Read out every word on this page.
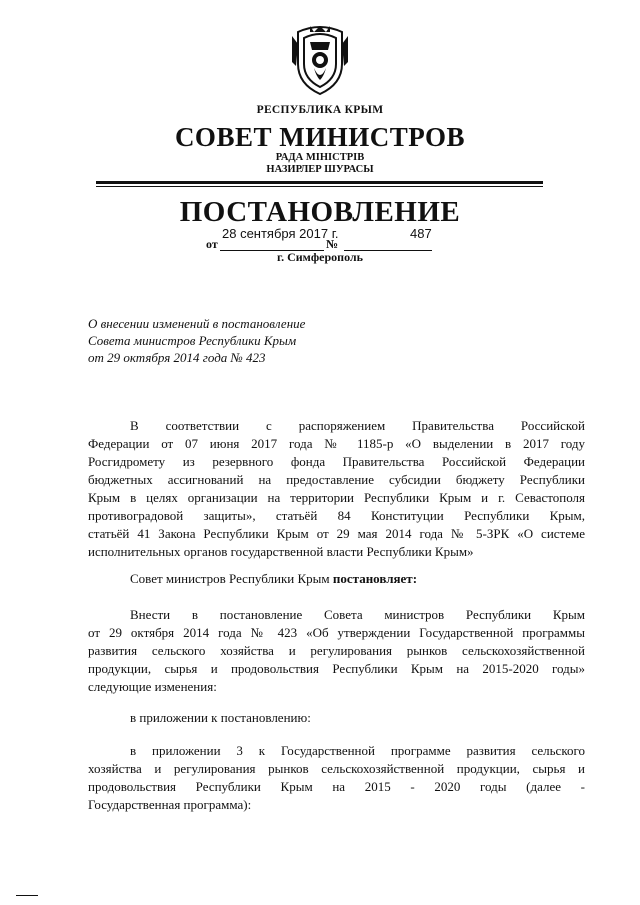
РЕСПУБЛИКА КРЫМ
СОВЕТ МИНИСТРОВ
РАДА МІНІСТРІВ
НАЗИРЛЕР ШУРАСЫ
ПОСТАНОВЛЕНИЕ
28 сентября 2017 г.	487
от	№
г. Симферополь
О внесении изменений в постановление
Совета министров Республики Крым
от 29 октября 2014 года № 423
В соответствии с распоряжением Правительства Российской
Федерации от 07 июня 2017 года № 1185-р «О выделении в 2017 году
Росгидромету из резервного фонда Правительства Российской Федерации
бюджетных ассигнований на предоставление субсидии бюджету Республики
Крым в целях организации на территории Республики Крым и г. Севастополя
противоградовой защиты», статьёй 84 Конституции Республики Крым,
статьёй 41 Закона Республики Крым от 29 мая 2014 года № 5-ЗРК «О системе
исполнительных органов государственной власти Республики Крым»
Совет министров Республики Крым постановляет:
Внести в постановление Совета министров Республики Крым
от 29 октября 2014 года № 423 «Об утверждении Государственной программы
развития сельского хозяйства и регулирования рынков сельскохозяйственной
продукции, сырья и продовольствия Республики Крым на 2015-2020 годы»
следующие изменения:
в приложении к постановлению:
в приложении 3 к Государственной программе развития сельского
хозяйства и регулирования рынков сельскохозяйственной продукции, сырья и
продовольствия Республики Крым на 2015 - 2020 годы (далее -
Государственная программа):
